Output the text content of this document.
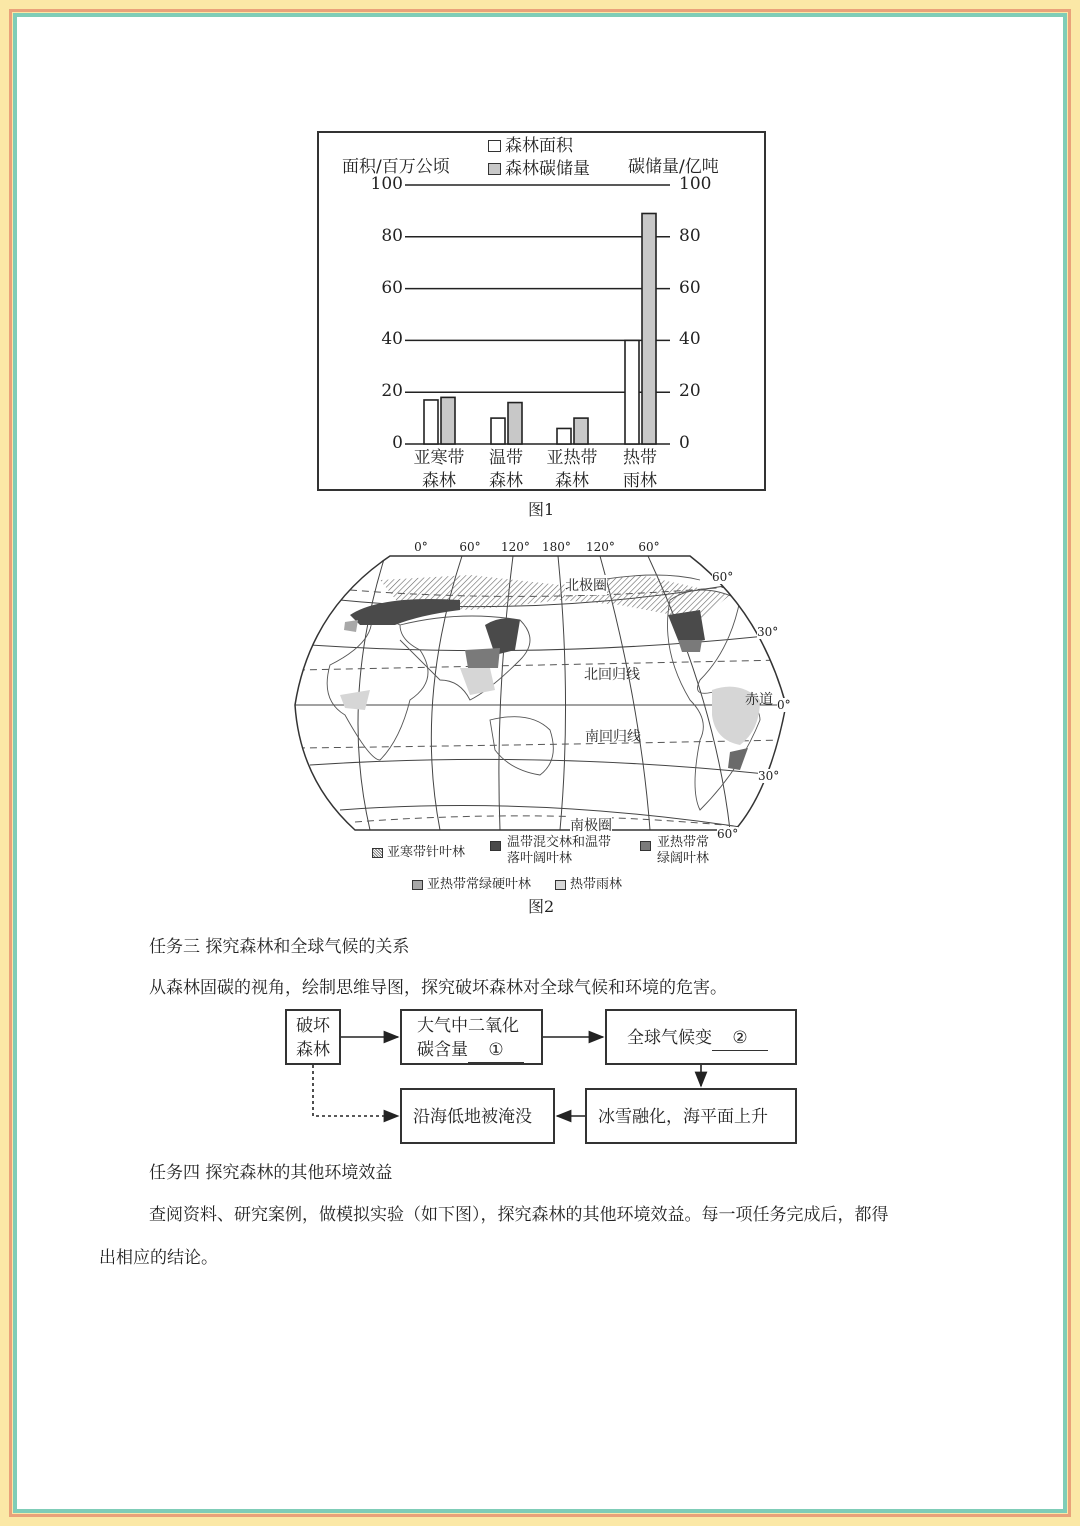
森林面积
森林碳储量
面积/百万公顷	碳储量/亿吨
0
20
40
60
80
100
0
20
40
60
80
100
亚寒带
森林
温带
森林
亚热带
森林
热带
雨林
图1
0°	60° 120° 180° 120° 60°
60°
30°
0°
30°
60°
北极圈
北回归线
赤道
南回归线
南极圈
亚寒带针叶林
温带混交林和温带
落叶阔叶林
亚热带常
绿阔叶林
亚热带常绿硬叶林	热带雨林
图2
任务三 探究森林和全球气候的关系
从森林固碳的视角，绘制思维导图，探究破坏森林对全球气候和环境的危害。
破坏
森林
大气中二氧化
碳含量 ①
全球气候变 ②
冰雪融化，海平面上升
沿海低地被淹没
任务四 探究森林的其他环境效益
查阅资料、研究案例，做模拟实验（如下图），探究森林的其他环境效益。每一项任务完成后，都得
出相应的结论。
